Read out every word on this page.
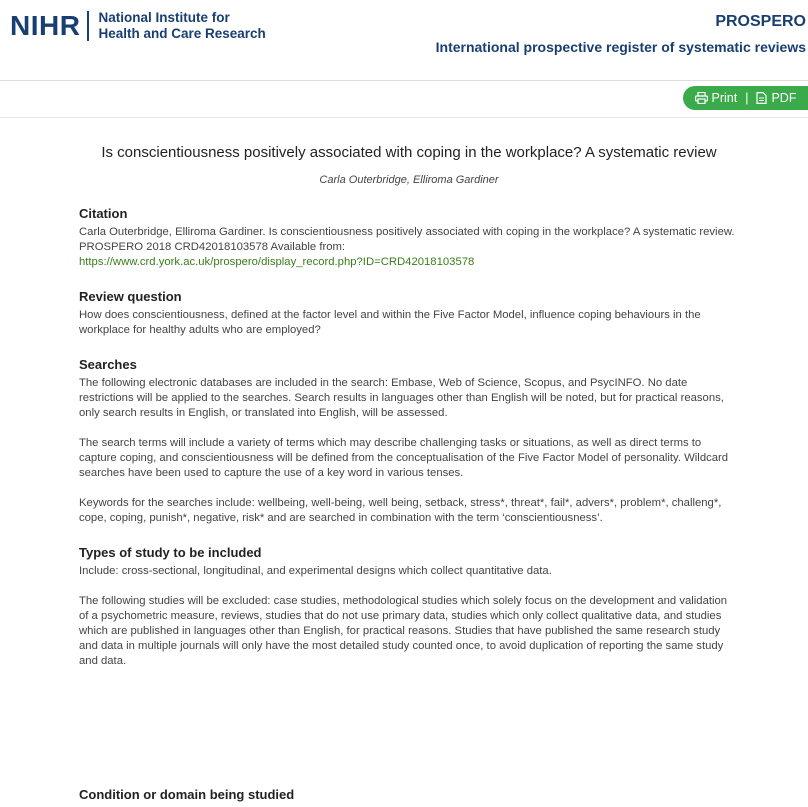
NIHR National Institute for
Health and Care Research
PROSPERO
International prospective register of systematic reviews
Print | PDF
Is conscientiousness positively associated with coping in the workplace? A systematic review
Carla Outerbridge, Elliroma Gardiner
Citation

Carla Outerbridge, Elliroma Gardiner. Is conscientiousness positively associated with coping in the workplace? A systematic review. PROSPERO 2018 CRD42018103578 Available from:
https://www.crd.york.ac.uk/prospero/display_record.php?ID=CRD42018103578

Review question

How does conscientiousness, defined at the factor level and within the Five Factor Model, influence coping behaviours in the workplace for healthy adults who are employed?

Searches

The following electronic databases are included in the search: Embase, Web of Science, Scopus, and PsycINFO. No date restrictions will be applied to the searches. Search results in languages other than English will be noted, but for practical reasons, only search results in English, or translated into English, will be assessed.

The search terms will include a variety of terms which may describe challenging tasks or situations, as well as direct terms to capture coping, and conscientiousness will be defined from the conceptualisation of the Five Factor Model of personality. Wildcard searches have been used to capture the use of a key word in various tenses.

Keywords for the searches include: wellbeing, well-being, well being, setback, stress*, threat*, fail*, advers*, problem*, challeng*, cope, coping, punish*, negative, risk* and are searched in combination with the term ‘conscientiousness’.

Types of study to be included

Include: cross-sectional, longitudinal, and experimental designs which collect quantitative data.

The following studies will be excluded: case studies, methodological studies which solely focus on the development and validation of a psychometric measure, reviews, studies that do not use primary data, studies which only collect qualitative data, and studies which are published in languages other than English, for practical reasons. Studies that have published the same research study and data in multiple journals will only have the most detailed study counted once, to avoid duplication of reporting the same study and data.

Condition or domain being studied
